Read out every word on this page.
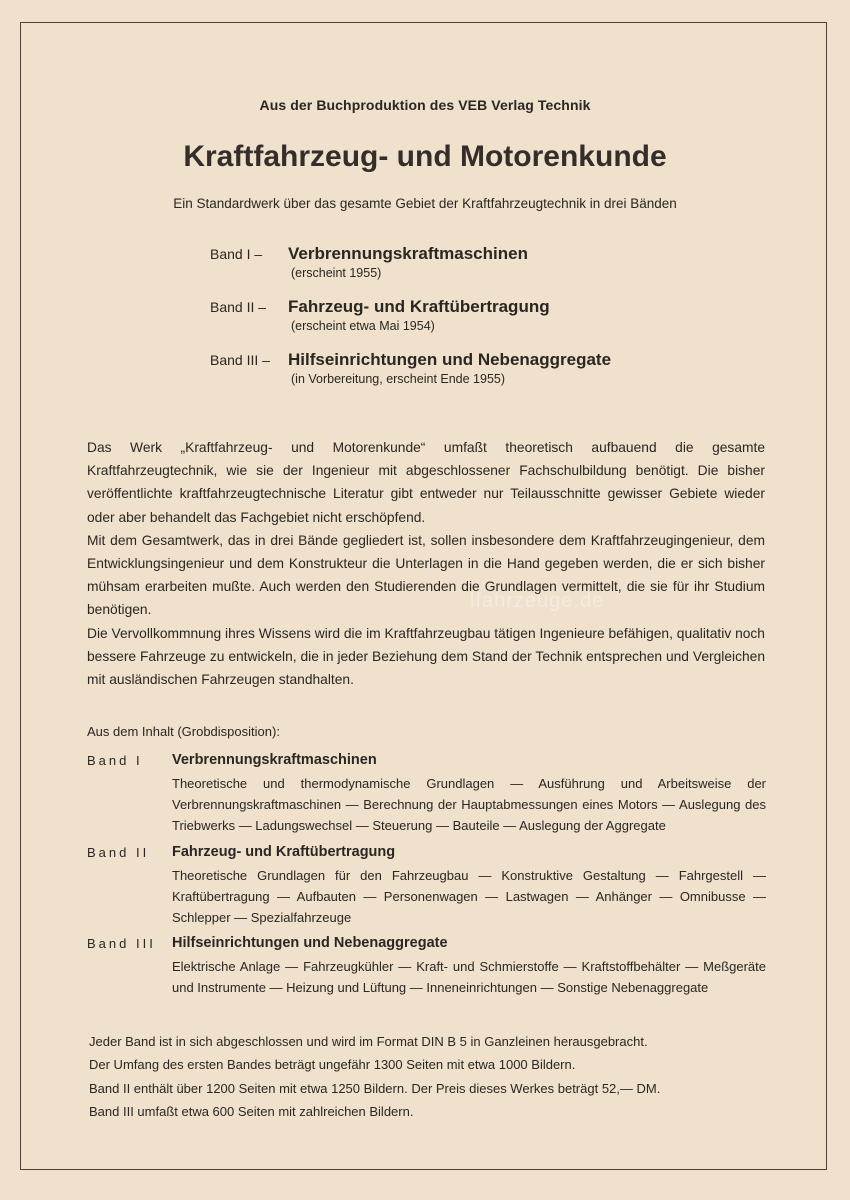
Aus der Buchproduktion des VEB Verlag Technik
Kraftfahrzeug- und Motorenkunde
Ein Standardwerk über das gesamte Gebiet der Kraftfahrzeugtechnik in drei Bänden
Band I – Verbrennungskraftmaschinen
(erscheint 1955)
Band II – Fahrzeug- und Kraftübertragung
(erscheint etwa Mai 1954)
Band III – Hilfseinrichtungen und Nebenaggregate
(in Vorbereitung, erscheint Ende 1955)

Das Werk „Kraftfahrzeug- und Motorenkunde“ umfaßt theoretisch aufbauend die gesamte Kraftfahrzeugtechnik, wie sie der Ingenieur mit abgeschlossener Fachschulbildung benötigt. Die bisher veröffentlichte kraftfahrzeugtechnische Literatur gibt entweder nur Teilausschnitte gewisser Gebiete wieder oder aber behandelt das Fachgebiet nicht erschöpfend.

Mit dem Gesamtwerk, das in drei Bände gegliedert ist, sollen insbesondere dem Kraftfahrzeugingenieur, dem Entwicklungsingenieur und dem Konstrukteur die Unterlagen in die Hand gegeben werden, die er sich bisher mühsam erarbeiten mußte. Auch werden den Studierenden die Grundlagen vermittelt, die sie für ihr Studium benötigen.

Die Vervollkommnung ihres Wissens wird die im Kraftfahrzeugbau tätigen Ingenieure befähigen, qualitativ noch bessere Fahrzeuge zu entwickeln, die in jeder Beziehung dem Stand der Technik entsprechen und Vergleichen mit ausländischen Fahrzeugen standhalten.

lfahrzeuge.de
Aus dem Inhalt (Grobdisposition):
Band I Verbrennungskraftmaschinen
Theoretische und thermodynamische Grundlagen — Ausführung und Arbeitsweise der Verbrennungskraftmaschinen — Berechnung der Hauptabmessungen eines Motors — Auslegung des Triebwerks — Ladungswechsel — Steuerung — Bauteile — Auslegung der Aggregate
Band II Fahrzeug- und Kraftübertragung
Theoretische Grundlagen für den Fahrzeugbau — Konstruktive Gestaltung — Fahrgestell — Kraftübertragung — Aufbauten — Personenwagen — Lastwagen — Anhänger — Omnibusse — Schlepper — Spezialfahrzeuge
Band III Hilfseinrichtungen und Nebenaggregate
Elektrische Anlage — Fahrzeugkühler — Kraft- und Schmierstoffe — Kraftstoffbehälter — Meßgeräte und Instrumente — Heizung und Lüftung — Inneneinrichtungen — Sonstige Nebenaggregate
Jeder Band ist in sich abgeschlossen und wird im Format DIN B 5 in Ganzleinen herausgebracht.
Der Umfang des ersten Bandes beträgt ungefähr 1300 Seiten mit etwa 1000 Bildern.
Band II enthält über 1200 Seiten mit etwa 1250 Bildern. Der Preis dieses Werkes beträgt 52,— DM.
Band III umfaßt etwa 600 Seiten mit zahlreichen Bildern.
